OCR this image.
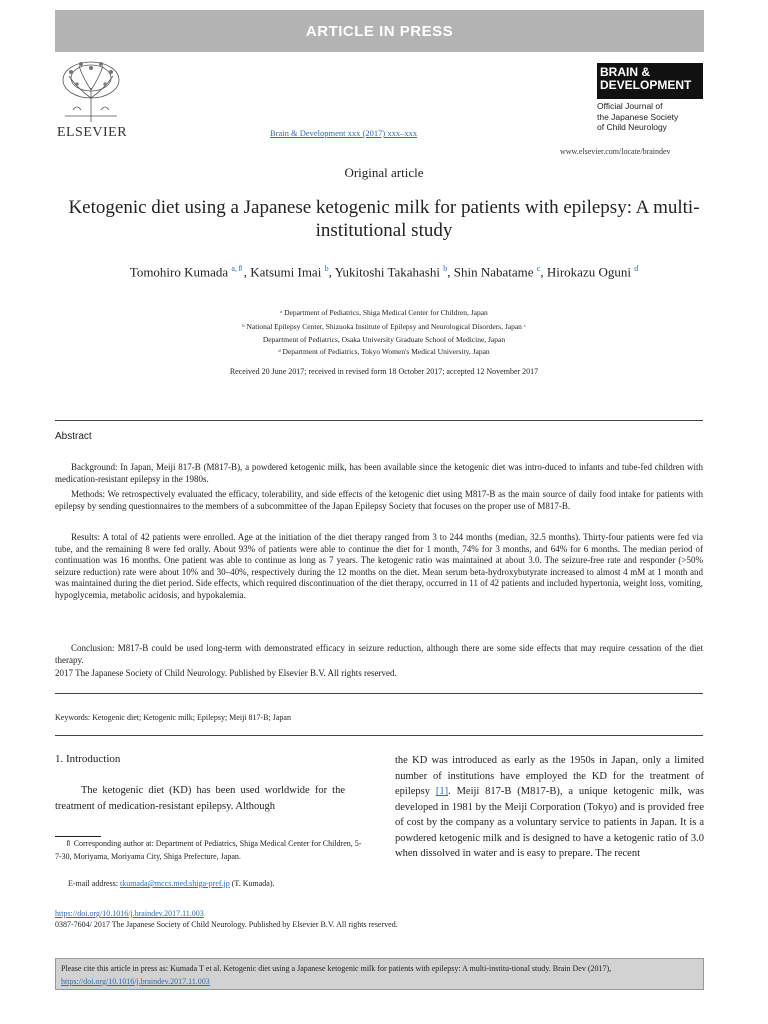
ARTICLE IN PRESS
ELSEVIER	Brain & Development xxx (2017) xxx–xxx
BRAIN &
DEVELOPMENT
Official Journal of
the Japanese Society
of Child Neurology
www.elsevier.com/locate/braindev
Original article
Ketogenic diet using a Japanese ketogenic milk for patients with epilepsy: A multi-institutional study
Tomohiro Kumada $^{a,⇑}$, Katsumi Imai $^b$, Yukitoshi Takahashi $^b$, Shin Nabatame $^c$, Hirokazu Oguni $^d$
ᵃ Department of Pediatrics, Shiga Medical Center for Children, Japan
ᵇ National Epilepsy Center, Shizuoka Institute of Epilepsy and Neurological Disorders, Japan ᶜ
Department of Pediatrics, Osaka University Graduate School of Medicine, Japan
ᵈ Department of Pediatrics, Tokyo Women's Medical University, Japan
Received 20 June 2017; received in revised form 18 October 2017; accepted 12 November 2017
Abstract
Background: In Japan, Meiji 817-B (M817-B), a powdered ketogenic milk, has been available since the ketogenic diet was intro-duced to infants and tube-fed children with medication-resistant epilepsy in the 1980s.
Methods: We retrospectively evaluated the efficacy, tolerability, and side effects of the ketogenic diet using M817-B as the main source of daily food intake for patients with epilepsy by sending questionnaires to the members of a subcommittee of the Japan Epilepsy Society that focuses on the proper use of M817-B.
Results: A total of 42 patients were enrolled. Age at the initiation of the diet therapy ranged from 3 to 244 months (median, 32.5 months). Thirty-four patients were fed via tube, and the remaining 8 were fed orally. About 93% of patients were able to continue the diet for 1 month, 74% for 3 months, and 64% for 6 months. The median period of continuation was 16 months. One patient was able to continue as long as 7 years. The ketogenic ratio was maintained at about 3.0. The seizure-free rate and responder (>50% seizure reduction) rate were about 10% and 30–40%, respectively during the 12 months on the diet. Mean serum beta-hydroxybutyrate increased to almost 4 mM at 1 month and was maintained during the diet period. Side effects, which required discontinuation of the diet therapy, occurred in 11 of 42 patients and included hypertonia, weight loss, vomiting, hypoglycemia, metabolic acidosis, and hypokalemia.
Conclusion: M817-B could be used long-term with demonstrated efficacy in seizure reduction, although there are some side effects that may require cessation of the diet therapy.
2017 The Japanese Society of Child Neurology. Published by Elsevier B.V. All rights reserved.
Keywords: Ketogenic diet; Ketogenic milk; Epilepsy; Meiji 817-B; Japan
1. Introduction
The ketogenic diet (KD) has been used worldwide for the treatment of medication-resistant epilepsy. Although
the KD was introduced as early as the 1950s in Japan, only a limited number of institutions have employed the KD for the treatment of epilepsy [1]. Meiji 817-B (M817-B), a unique ketogenic milk, was developed in 1981 by the Meiji Corporation (Tokyo) and is provided free of cost by the company as a voluntary service to patients in Japan. It is a powdered ketogenic milk and is designed to have a ketogenic ratio of 3.0 when dissolved in water and is easy to prepare. The recent
⇑ Corresponding author at: Department of Pediatrics, Shiga Medical Center for Children, 5-7-30, Moriyama, Moriyama City, Shiga Prefecture, Japan.
E-mail address: tkumada@mccs.med.shiga-pref.jp (T. Kumada).
https://doi.org/10.1016/j.braindev.2017.11.003
0387-7604/ 2017 The Japanese Society of Child Neurology. Published by Elsevier B.V. All rights reserved.
Please cite this article in press as: Kumada T et al. Ketogenic diet using a Japanese ketogenic milk for patients with epilepsy: A multi-institu-tional study. Brain Dev (2017), https://doi.org/10.1016/j.braindev.2017.11.003
